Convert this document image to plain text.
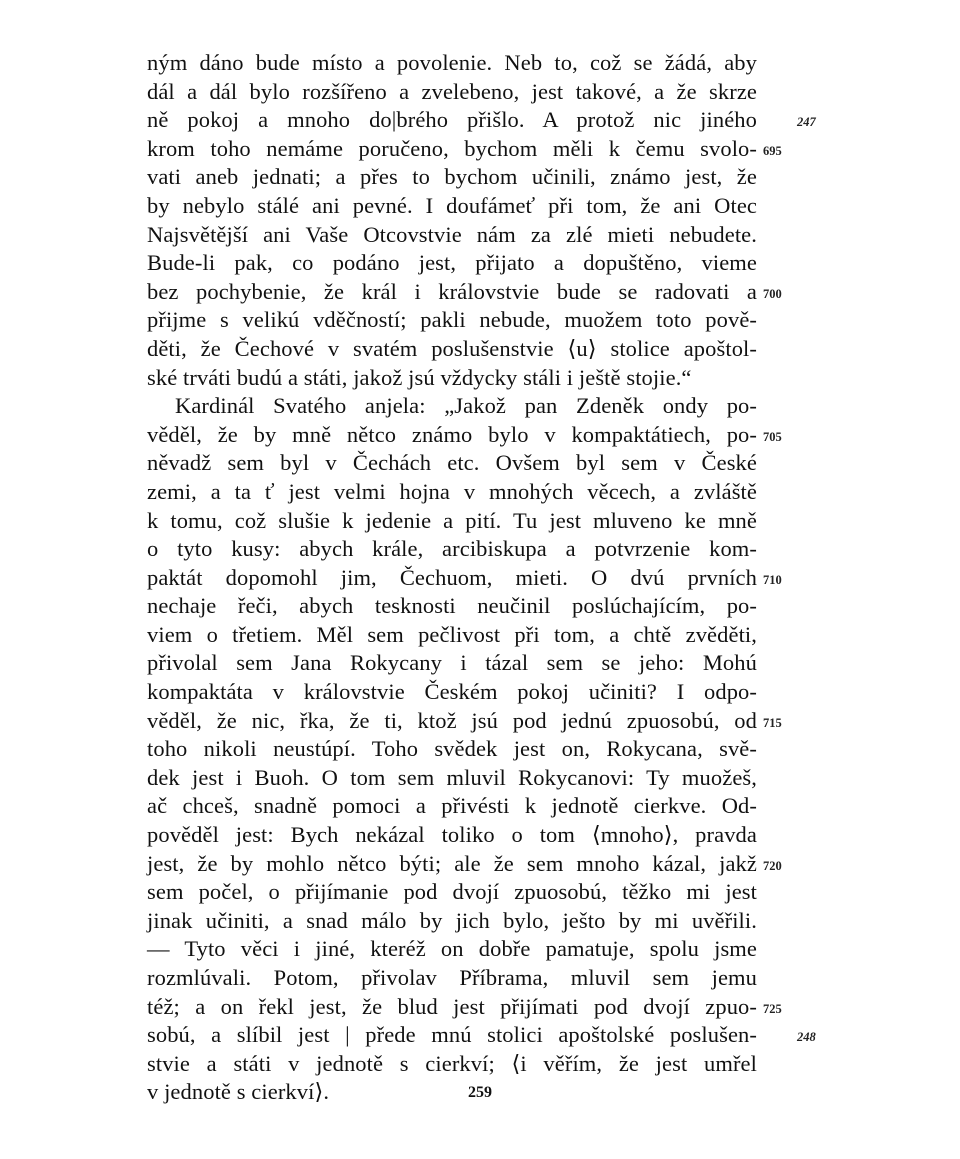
ným dáno bude místo a povolenie. Neb to, což se žádá, aby
dál a dál bylo rozšířeno a zvelebeno, jest takové, a že skrze
ně pokoj a mnoho do|brého přišlo. A protož nic jiného
krom toho nemáme poručeno, bychom měli k čemu svolo-
vati aneb jednati; a přes to bychom učinili, známo jest, že
by nebylo stálé ani pevné. I doufámeť při tom, že ani Otec
Najsvětější ani Vaše Otcovstvie nám za zlé mieti nebudete.
Bude-li pak, co podáno jest, přijato a dopuštěno, vieme
bez pochybenie, že král i královstvie bude se radovati a
přijme s velikú vděčností; pakli nebude, muožem toto pově-
děti, že Čechové v svatém poslušenstvie ⟨u⟩ stolice apoštol-
ské trváti budú a státi, jakož jsú vždycky stáli i ještě stojie.“
Kardinál Svatého anjela: „Jakož pan Zdeněk ondy po-
věděl, že by mně nětco známo bylo v kompaktátiech, po-
něvadž sem byl v Čechách etc. Ovšem byl sem v České
zemi, a ta ť jest velmi hojna v mnohých věcech, a zvláště
k tomu, což slušie k jedenie a pití. Tu jest mluveno ke mně
o tyto kusy: abych krále, arcibiskupa a potvrzenie kom-
paktát dopomohl jim, Čechuom, mieti. O dvú prvních
nechaje řeči, abych tesknosti neučinil poslúchajícím, po-
viem o třetiem. Měl sem pečlivost při tom, a chtě zvěděti,
přivolal sem Jana Rokycany i tázal sem se jeho: Mohú
kompaktáta v královstvie Českém pokoj učiniti? I odpo-
věděl, že nic, řka, že ti, ktož jsú pod jednú zpuosobú, od
toho nikoli neustúpí. Toho svědek jest on, Rokycana, svě-
dek jest i Buoh. O tom sem mluvil Rokycanovi: Ty muožeš,
ač chceš, snadně pomoci a přivésti k jednotě cierkve. Od-
pověděl jest: Bych nekázal toliko o tom ⟨mnoho⟩, pravda
jest, že by mohlo nětco býti; ale že sem mnoho kázal, jakž
sem počel, o přijímanie pod dvojí zpuosobú, těžko mi jest
jinak učiniti, a snad málo by jich bylo, ješto by mi uvěřili.
— Tyto věci i jiné, kteréž on dobře pamatuje, spolu jsme
rozmlúvali. Potom, přivolav Příbrama, mluvil sem jemu
též; a on řekl jest, že blud jest přijímati pod dvojí zpuo-
sobú, a slíbil jest | přede mnú stolici apoštolské poslušen-
stvie a státi v jednotě s cierkví; ⟨i věřím, že jest umřel
v jednotě s cierkví⟩.
247
695
700
705
710
715
720
725
248
259
